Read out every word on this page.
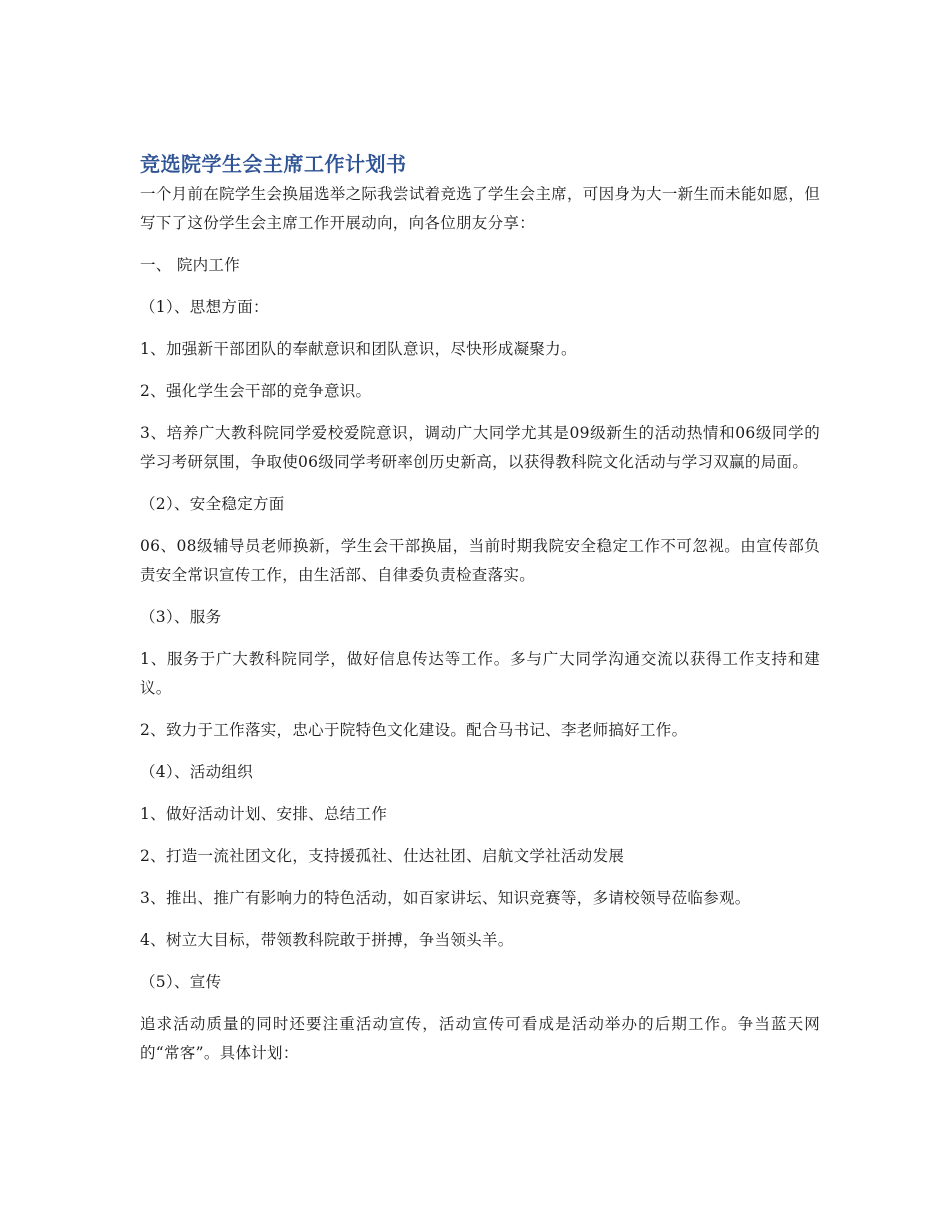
竞选院学生会主席工作计划书

一个月前在院学生会换届选举之际我尝试着竞选了学生会主席，可因身为大一新生而未能如愿，但写下了这份学生会主席工作开展动向，向各位朋友分享：

一、 院内工作

（1）、思想方面：

1、加强新干部团队的奉献意识和团队意识，尽快形成凝聚力。

2、强化学生会干部的竞争意识。

3、培养广大教科院同学爱校爱院意识，调动广大同学尤其是09级新生的活动热情和06级同学的学习考研氛围，争取使06级同学考研率创历史新高，以获得教科院文化活动与学习双赢的局面。

（2）、安全稳定方面

06、08级辅导员老师换新，学生会干部换届，当前时期我院安全稳定工作不可忽视。由宣传部负责安全常识宣传工作，由生活部、自律委负责检查落实。

（3）、服务

1、服务于广大教科院同学，做好信息传达等工作。多与广大同学沟通交流以获得工作支持和建议。

2、致力于工作落实，忠心于院特色文化建设。配合马书记、李老师搞好工作。

（4）、活动组织

1、做好活动计划、安排、总结工作

2、打造一流社团文化，支持援孤社、仕达社团、启航文学社活动发展

3、推出、推广有影响力的特色活动，如百家讲坛、知识竞赛等，多请校领导莅临参观。

4、树立大目标，带领教科院敢于拼搏，争当领头羊。

（5）、宣传

追求活动质量的同时还要注重活动宣传，活动宣传可看成是活动举办的后期工作。争当蓝天网的“常客”。具体计划：
